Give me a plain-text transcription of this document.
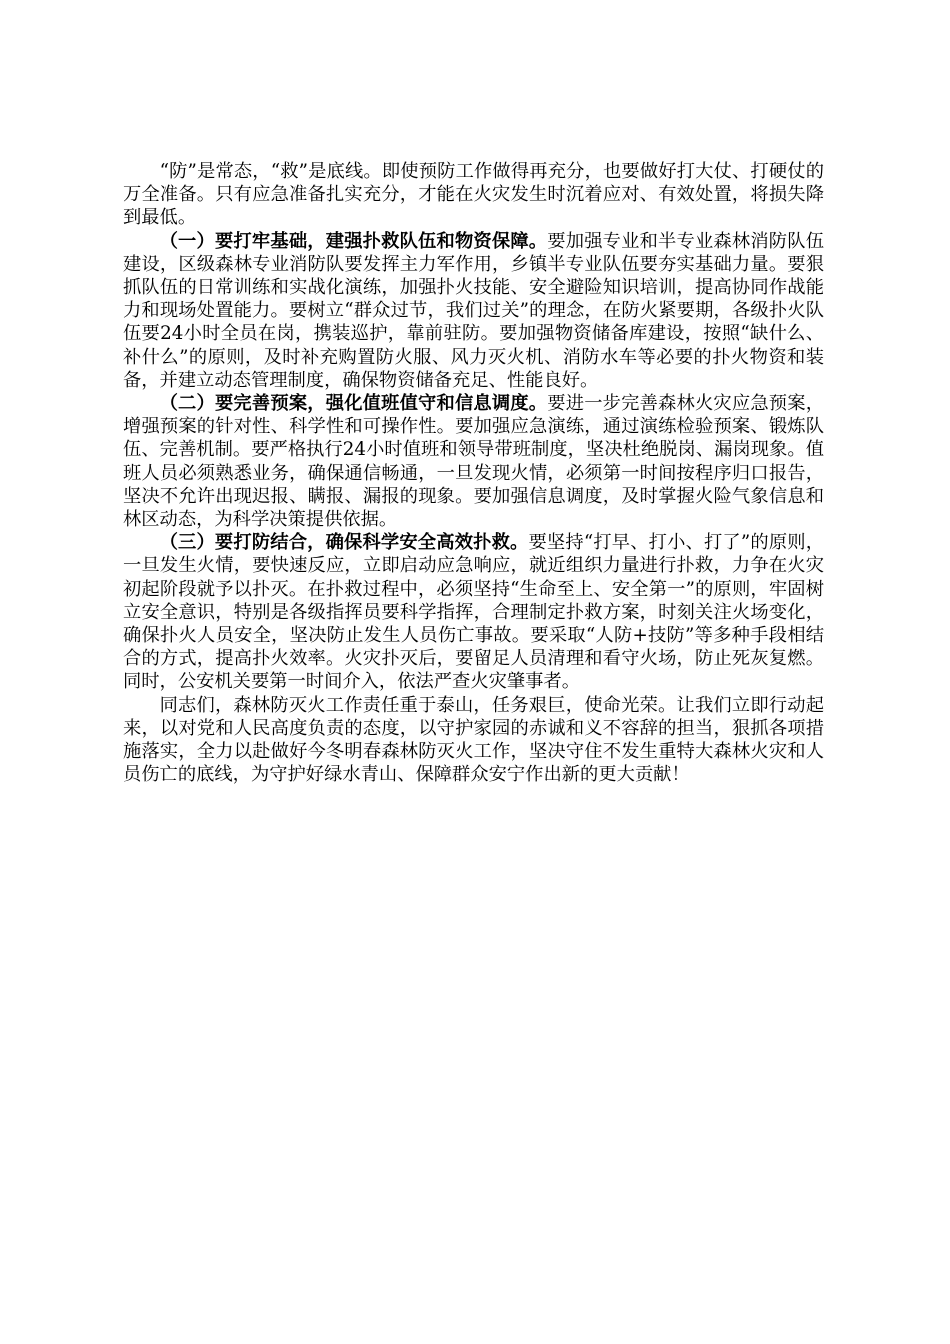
“防”是常态，“救”是底线。即使预防工作做得再充分，也要做好打大仗、打硬仗的万全准备。只有应急准备扎实充分，才能在火灾发生时沉着应对、有效处置，将损失降到最低。

（一）要打牢基础，建强扑救队伍和物资保障。要加强专业和半专业森林消防队伍建设，区级森林专业消防队要发挥主力军作用，乡镇半专业队伍要夯实基础力量。要狠抓队伍的日常训练和实战化演练，加强扑火技能、安全避险知识培训，提高协同作战能力和现场处置能力。要树立“群众过节，我们过关”的理念，在防火紧要期，各级扑火队伍要24小时全员在岗，携装巡护，靠前驻防。要加强物资储备库建设，按照“缺什么、补什么”的原则，及时补充购置防火服、风力灭火机、消防水车等必要的扑火物资和装备，并建立动态管理制度，确保物资储备充足、性能良好。

（二）要完善预案，强化值班值守和信息调度。要进一步完善森林火灾应急预案，增强预案的针对性、科学性和可操作性。要加强应急演练，通过演练检验预案、锻炼队伍、完善机制。要严格执行24小时值班和领导带班制度，坚决杜绝脱岗、漏岗现象。值班人员必须熟悉业务，确保通信畅通，一旦发现火情，必须第一时间按程序归口报告，坚决不允许出现迟报、瞒报、漏报的现象。要加强信息调度，及时掌握火险气象信息和林区动态，为科学决策提供依据。

（三）要打防结合，确保科学安全高效扑救。要坚持“打早、打小、打了”的原则，一旦发生火情，要快速反应，立即启动应急响应，就近组织力量进行扑救，力争在火灾初起阶段就予以扑灭。在扑救过程中，必须坚持“生命至上、安全第一”的原则，牢固树立安全意识，特别是各级指挥员要科学指挥，合理制定扑救方案，时刻关注火场变化，确保扑火人员安全，坚决防止发生人员伤亡事故。要采取“人防+技防”等多种手段相结合的方式，提高扑火效率。火灾扑灭后，要留足人员清理和看守火场，防止死灰复燃。同时，公安机关要第一时间介入，依法严查火灾肇事者。

同志们，森林防灭火工作责任重于泰山，任务艰巨，使命光荣。让我们立即行动起来，以对党和人民高度负责的态度，以守护家园的赤诚和义不容辞的担当，狠抓各项措施落实，全力以赴做好今冬明春森林防灭火工作，坚决守住不发生重特大森林火灾和人员伤亡的底线，为守护好绿水青山、保障群众安宁作出新的更大贡献！
